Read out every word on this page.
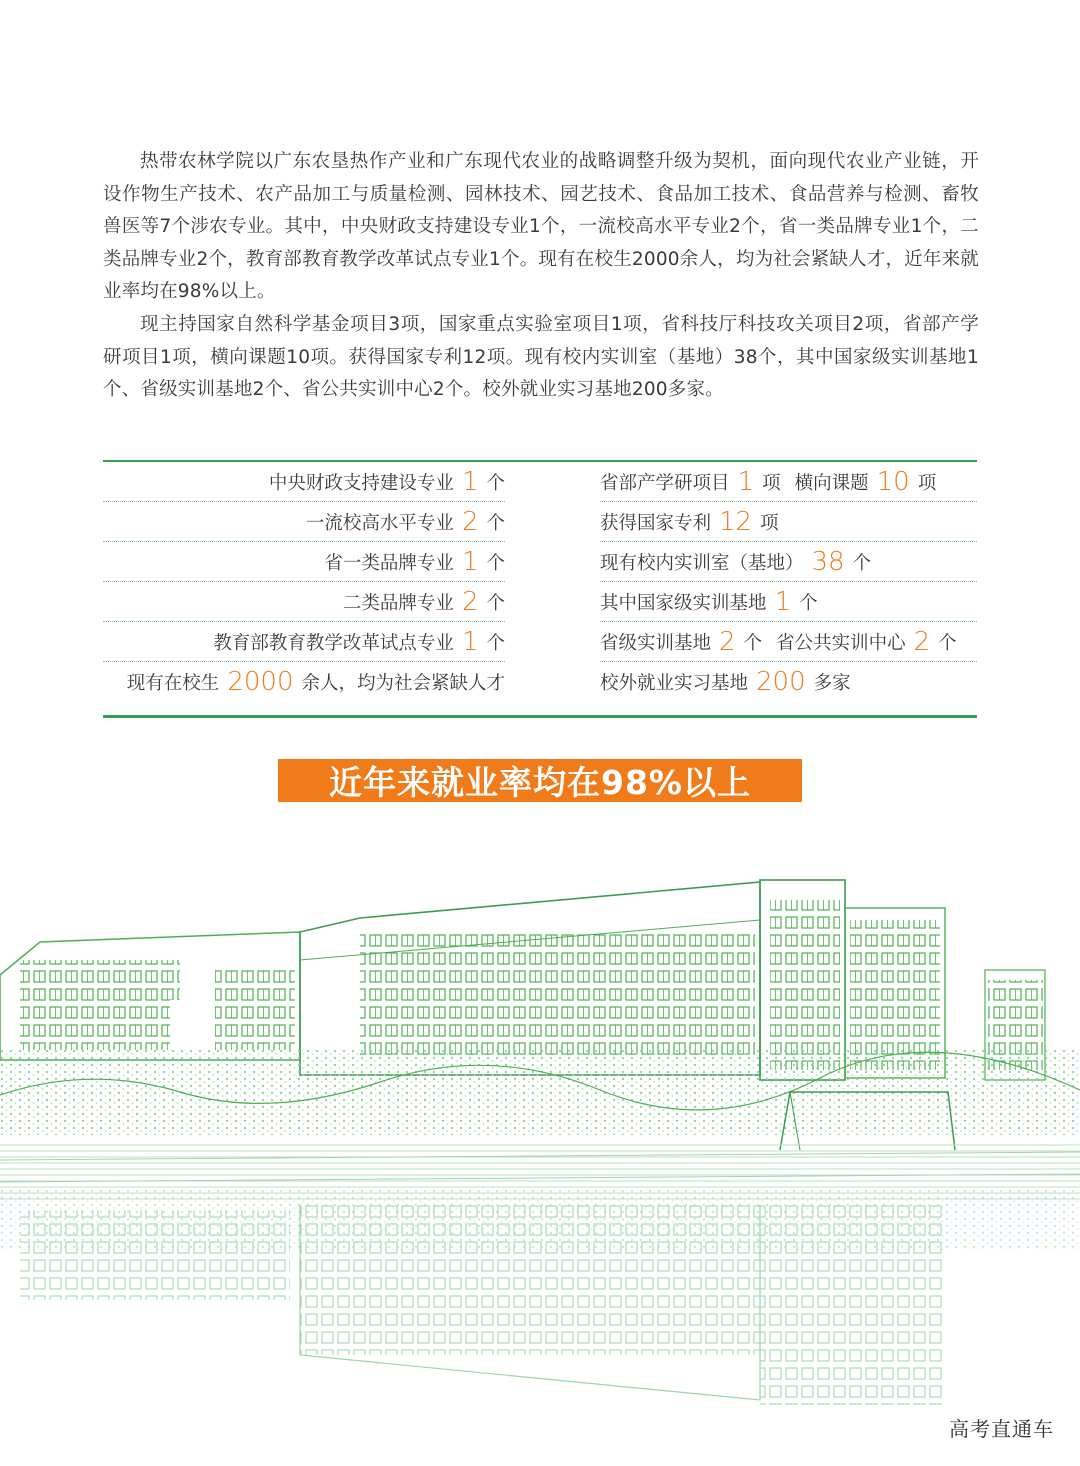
热带农林学院以广东农垦热作产业和广东现代农业的战略调整升级为契机，面向现代农业产业链，开设作物生产技术、农产品加工与质量检测、园林技术、园艺技术、食品加工技术、食品营养与检测、畜牧兽医等7个涉农专业。其中，中央财政支持建设专业1个，一流校高水平专业2个，省一类品牌专业1个，二类品牌专业2个，教育部教育教学改革试点专业1个。现有在校生2000余人，均为社会紧缺人才，近年来就业率均在98%以上。

现主持国家自然科学基金项目3项，国家重点实验室项目1项，省科技厅科技攻关项目2项，省部产学研项目1项，横向课题10项。获得国家专利12项。现有校内实训室（基地）38个，其中国家级实训基地1个、省级实训基地2个、省公共实训中心2个。校外就业实习基地200多家。

中央财政支持建设专业 1 个
一流校高水平专业 2 个
省一类品牌专业 1 个
二类品牌专业 2 个
教育部教育教学改革试点专业 1 个
现有在校生 2000 余人，均为社会紧缺人才
省部产学研项目 1 项 横向课题 10 项
获得国家专利 12 项
现有校内实训室（基地） 38 个
其中国家级实训基地 1 个
省级实训基地 2 个 省公共实训中心 2 个
校外就业实习基地 200 多家
近年来就业率均在98%以上
高考直通车
